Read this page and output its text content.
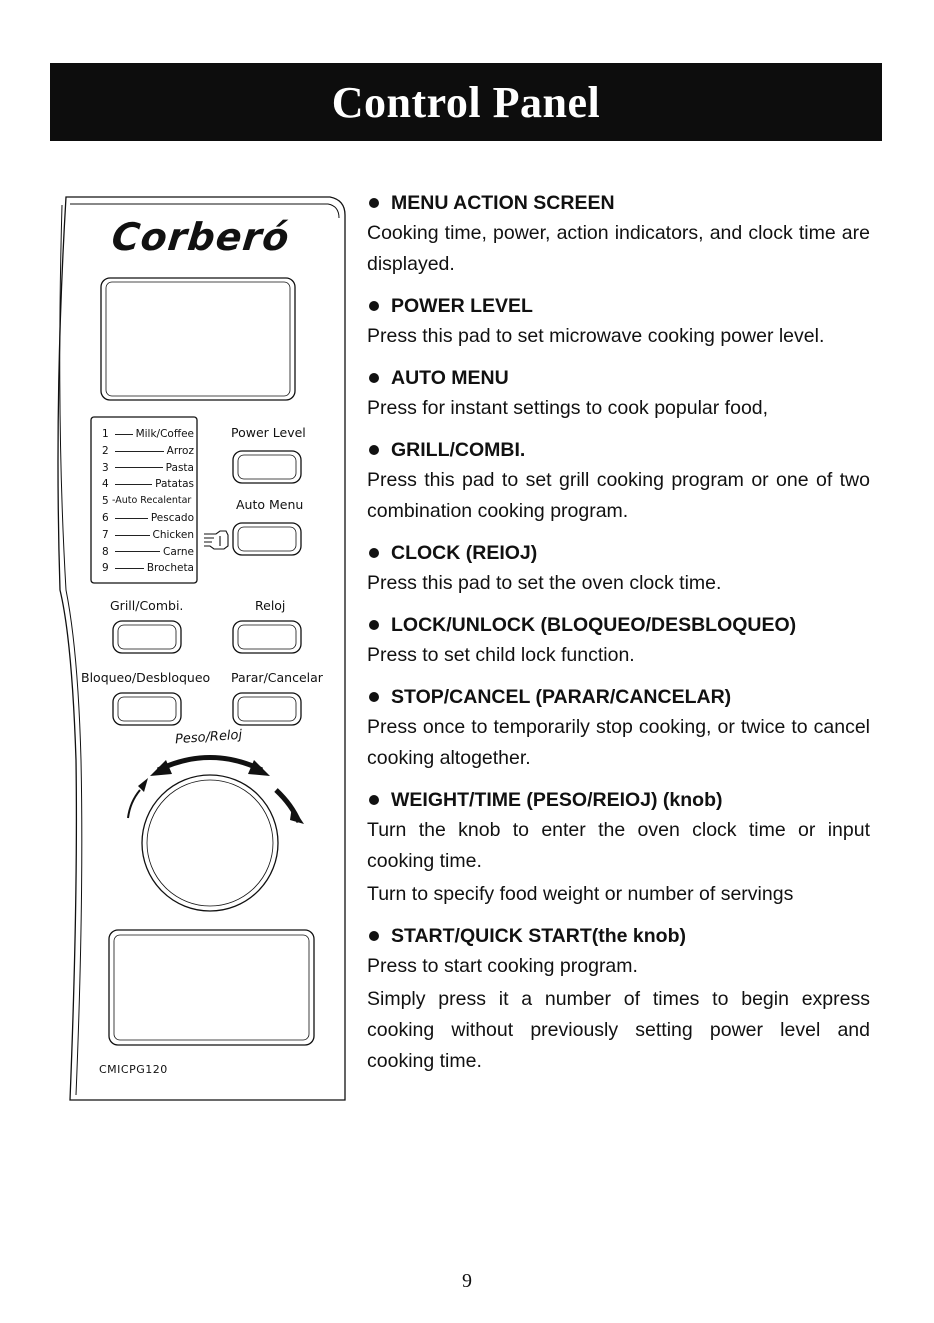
Control Panel
Corberó
1	Milk/Coffee
2	Arroz
3	Pasta
4	Patatas
5 -Auto Recalentar
6	Pescado
7	Chicken
8	Carne
9	Brocheta
Power Level
Auto Menu
Grill/Combi.	Reloj
Bloqueo/Desbloqueo Parar/Cancelar
Peso/Reloj
CMICPG120
MENU ACTION SCREEN

Cooking time, power, action indicators, and clock time are displayed.

POWER LEVEL

Press this pad to set microwave cooking power level.

AUTO MENU

Press for instant settings to cook popular food,

GRILL/COMBI.

Press this pad to set grill cooking program or one of two combination cooking program.

CLOCK (REIOJ)

Press this pad to set the oven clock time.

LOCK/UNLOCK (BLOQUEO/DESBLOQUEO)

Press to set child lock function.

STOP/CANCEL (PARAR/CANCELAR)

Press once to temporarily stop cooking, or twice to cancel cooking altogether.

WEIGHT/TIME (PESO/REIOJ) (knob)

Turn the knob to enter the oven clock time or input cooking time.

Turn to specify food weight or number of servings

START/QUICK START(the knob)

Press to start cooking program.

Simply press it a number of times to begin express cooking without previously setting power level and cooking time.

9
